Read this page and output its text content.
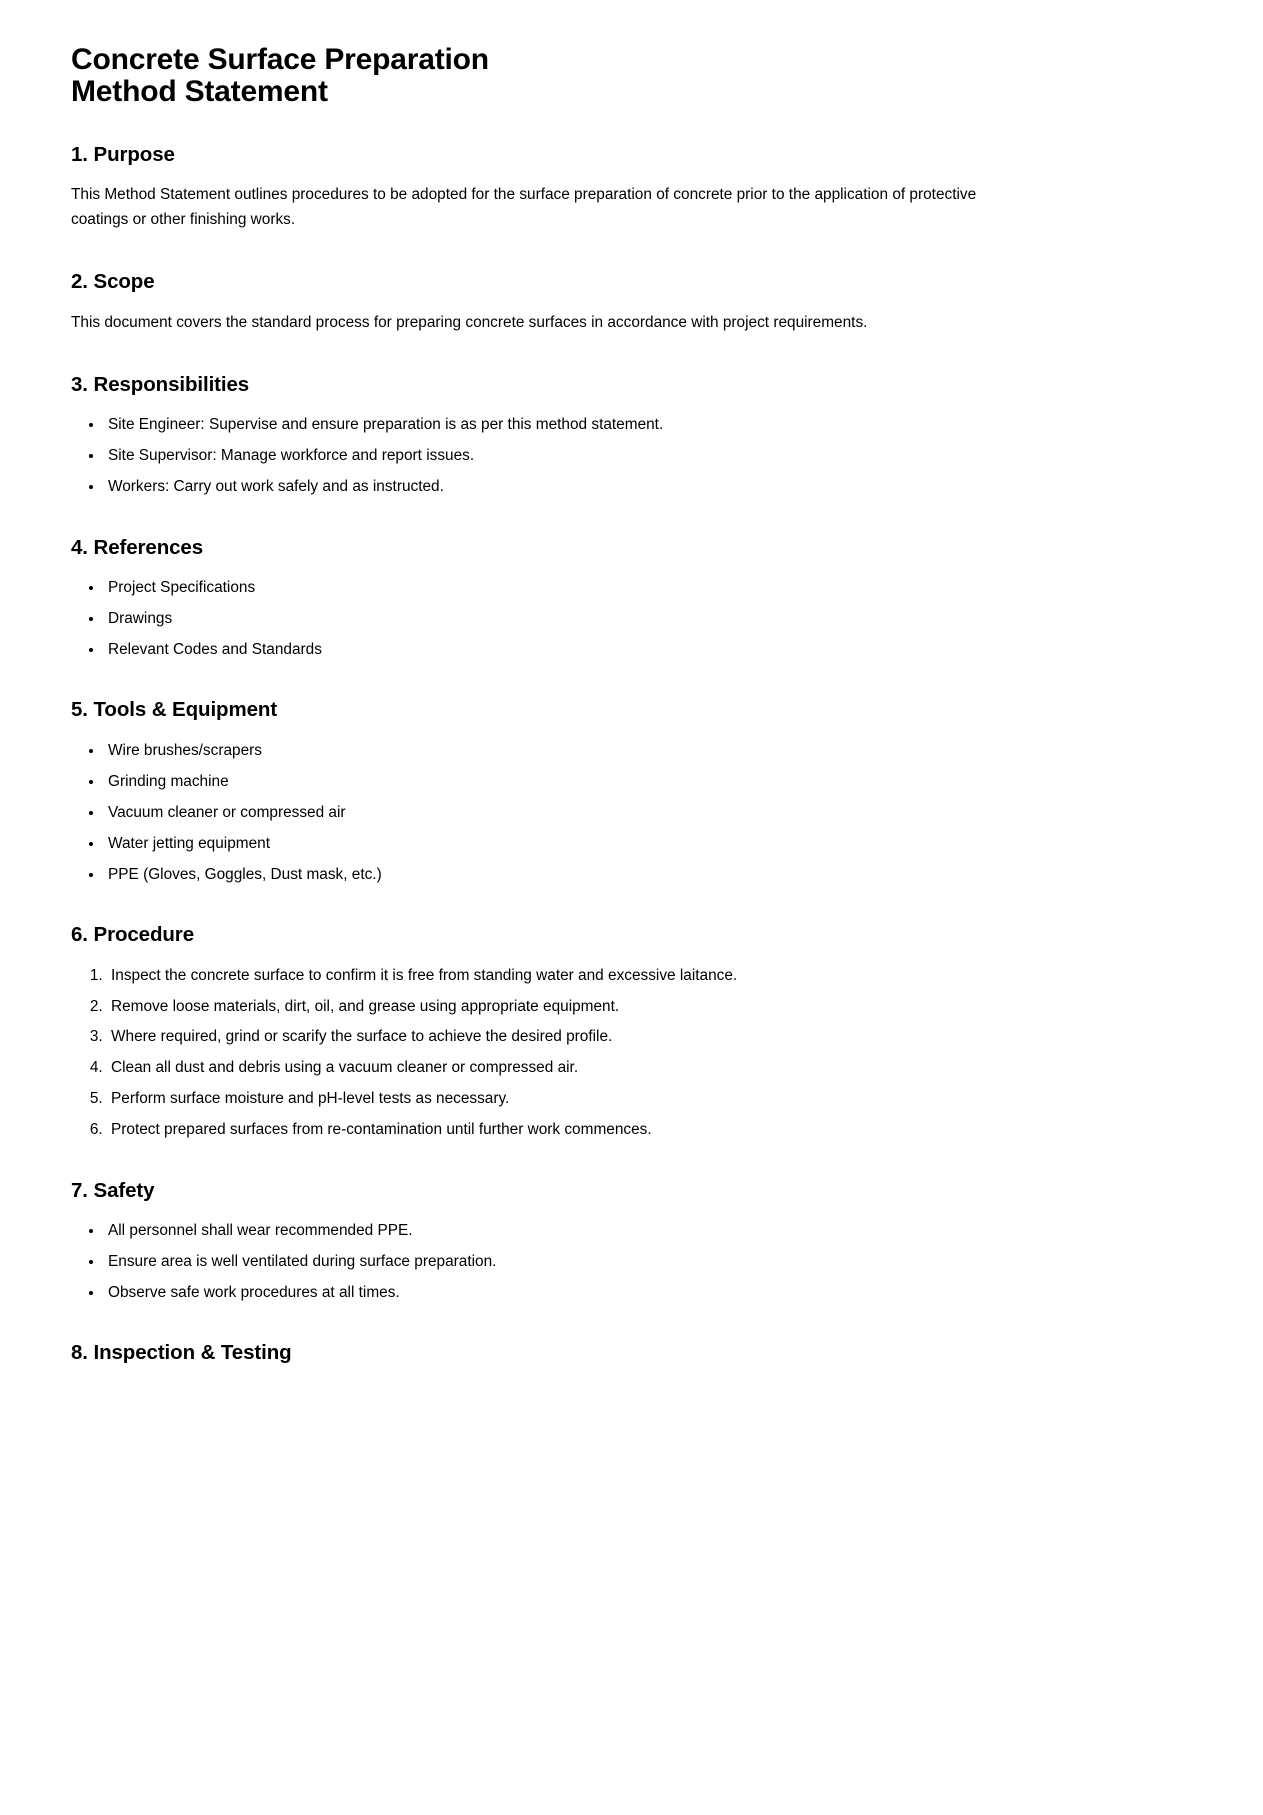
Concrete Surface Preparation
Method Statement
1. Purpose

This Method Statement outlines procedures to be adopted for the surface preparation of concrete prior to the application of protective coatings or other finishing works.

2. Scope

This document covers the standard process for preparing concrete surfaces in accordance with project requirements.

3. Responsibilities
• Site Engineer: Supervise and ensure preparation is as per this method statement.
• Site Supervisor: Manage workforce and report issues.
• Workers: Carry out work safely and as instructed.
4. References
• Project Specifications
• Drawings
• Relevant Codes and Standards
5. Tools & Equipment
• Wire brushes/scrapers
• Grinding machine
• Vacuum cleaner or compressed air
• Water jetting equipment
• PPE (Gloves, Goggles, Dust mask, etc.)
6. Procedure
1. Inspect the concrete surface to confirm it is free from standing water and excessive laitance.
2. Remove loose materials, dirt, oil, and grease using appropriate equipment.
3. Where required, grind or scarify the surface to achieve the desired profile.
4. Clean all dust and debris using a vacuum cleaner or compressed air.
5. Perform surface moisture and pH-level tests as necessary.
6. Protect prepared surfaces from re-contamination until further work commences.
7. Safety
• All personnel shall wear recommended PPE.
• Ensure area is well ventilated during surface preparation.
• Observe safe work procedures at all times.
8. Inspection & Testing
